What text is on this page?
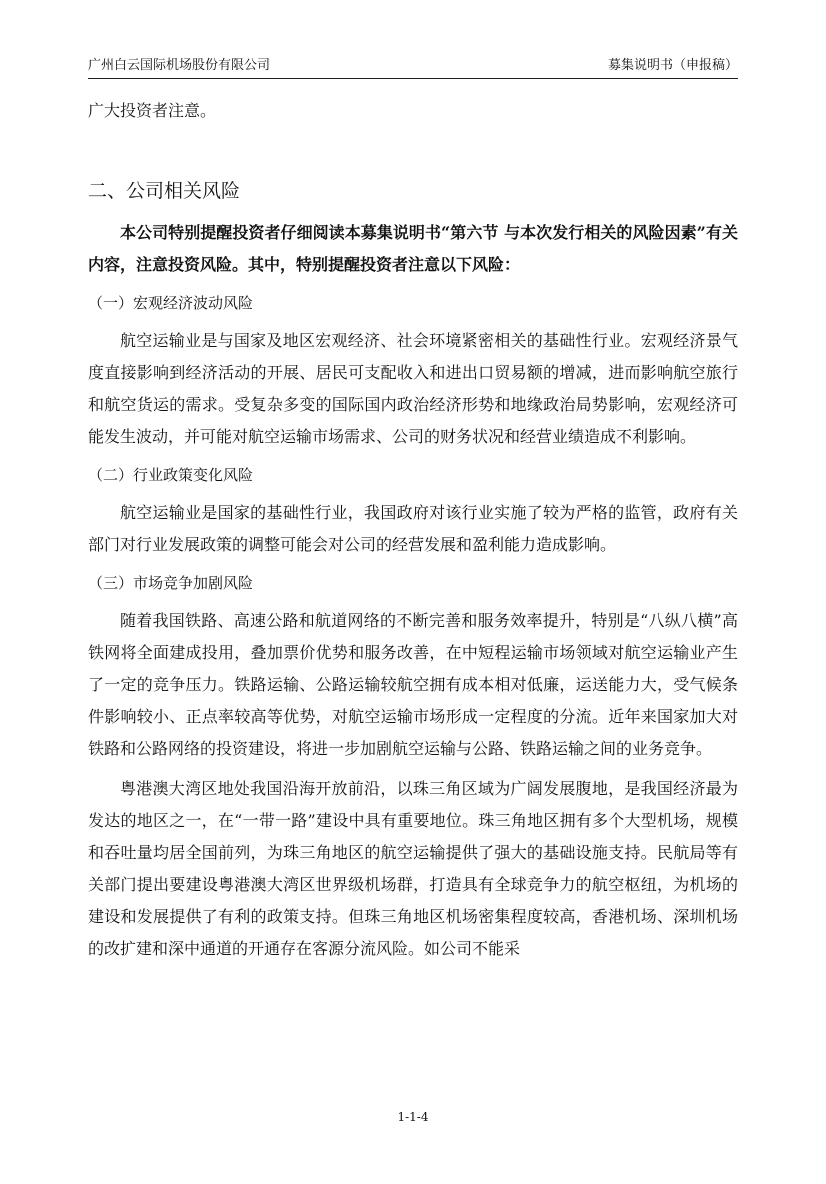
广州白云国际机场股份有限公司	募集说明书（申报稿）

广大投资者注意。

二、公司相关风险

本公司特别提醒投资者仔细阅读本募集说明书“第六节 与本次发行相关的风险因素”有关内容，注意投资风险。其中，特别提醒投资者注意以下风险：

（一）宏观经济波动风险

航空运输业是与国家及地区宏观经济、社会环境紧密相关的基础性行业。宏观经济景气度直接影响到经济活动的开展、居民可支配收入和进出口贸易额的增减，进而影响航空旅行和航空货运的需求。受复杂多变的国际国内政治经济形势和地缘政治局势影响，宏观经济可能发生波动，并可能对航空运输市场需求、公司的财务状况和经营业绩造成不利影响。

（二）行业政策变化风险

航空运输业是国家的基础性行业，我国政府对该行业实施了较为严格的监管，政府有关部门对行业发展政策的调整可能会对公司的经营发展和盈利能力造成影响。

（三）市场竞争加剧风险

随着我国铁路、高速公路和航道网络的不断完善和服务效率提升，特别是“八纵八横”高铁网将全面建成投用，叠加票价优势和服务改善，在中短程运输市场领域对航空运输业产生了一定的竞争压力。铁路运输、公路运输较航空拥有成本相对低廉，运送能力大，受气候条件影响较小、正点率较高等优势，对航空运输市场形成一定程度的分流。近年来国家加大对铁路和公路网络的投资建设，将进一步加剧航空运输与公路、铁路运输之间的业务竞争。

粤港澳大湾区地处我国沿海开放前沿，以珠三角区域为广阔发展腹地，是我国经济最为发达的地区之一，在“一带一路”建设中具有重要地位。珠三角地区拥有多个大型机场，规模和吞吐量均居全国前列，为珠三角地区的航空运输提供了强大的基础设施支持。民航局等有关部门提出要建设粤港澳大湾区世界级机场群，打造具有全球竞争力的航空枢纽，为机场的建设和发展提供了有利的政策支持。但珠三角地区机场密集程度较高，香港机场、深圳机场的改扩建和深中通道的开通存在客源分流风险。如公司不能采

1-1-4
